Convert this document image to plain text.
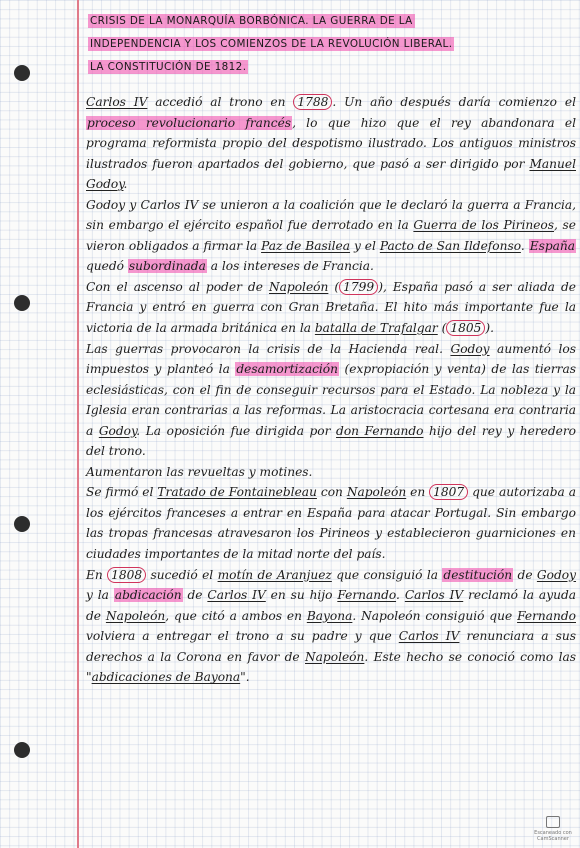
CRISIS DE LA MONARQUÍA BORBÓNICA. LA GUERRA DE LA
INDEPENDENCIA Y LOS COMIENZOS DE LA REVOLUCIÓN LIBERAL.
LA CONSTITUCIÓN DE 1812.

Carlos IV accedió al trono en 1788 . Un año después daría comienzo el proceso revolucionario francés, lo que hizo que el rey abandonara el programa reformista propio del despotismo ilustrado. Los antiguos ministros ilustrados fueron apartados del gobierno, que pasó a ser dirigido por Manuel Godoy.

Godoy y Carlos IV se unieron a la coalición que le declaró la guerra a Francia, sin embargo el ejército español fue derrotado en la Guerra de los Pirineos, se vieron obligados a firmar la Paz de Basilea y el Pacto de San Ildefonso. España quedó subordinada a los intereses de Francia.

Con el ascenso al poder de Napoleón ( 1799 ), España pasó a ser aliada de Francia y entró en guerra con Gran Bretaña. El hito más importante fue la victoria de la armada británica en la batalla de Trafalgar ( 1805 ).

Las guerras provocaron la crisis de la Hacienda real. Godoy aumentó los impuestos y planteó la desamortización (expropiación y venta) de las tierras eclesiásticas, con el fin de conseguir recursos para el Estado. La nobleza y la Iglesia eran contrarias a las reformas. La aristocracia cortesana era contraria a Godoy. La oposición fue dirigida por don Fernando hijo del rey y heredero del trono.

Aumentaron las revueltas y motines.

Se firmó el Tratado de Fontainebleau con Napoleón en 1807 que autorizaba a los ejércitos franceses a entrar en España para atacar Portugal. Sin embargo las tropas francesas atravesaron los Pirineos y establecieron guarniciones en ciudades importantes de la mitad norte del país.

En 1808 sucedió el motín de Aranjuez que consiguió la destitución de Godoy y la abdicación de Carlos IV en su hijo Fernando. Carlos IV reclamó la ayuda de Napoleón, que citó a ambos en Bayona. Napoleón consiguió que Fernando volviera a entregar el trono a su padre y que Carlos IV renunciara a sus derechos a la Corona en favor de Napoleón. Este hecho se conoció como las "abdicaciones de Bayona".

Escaneado con
CamScanner
